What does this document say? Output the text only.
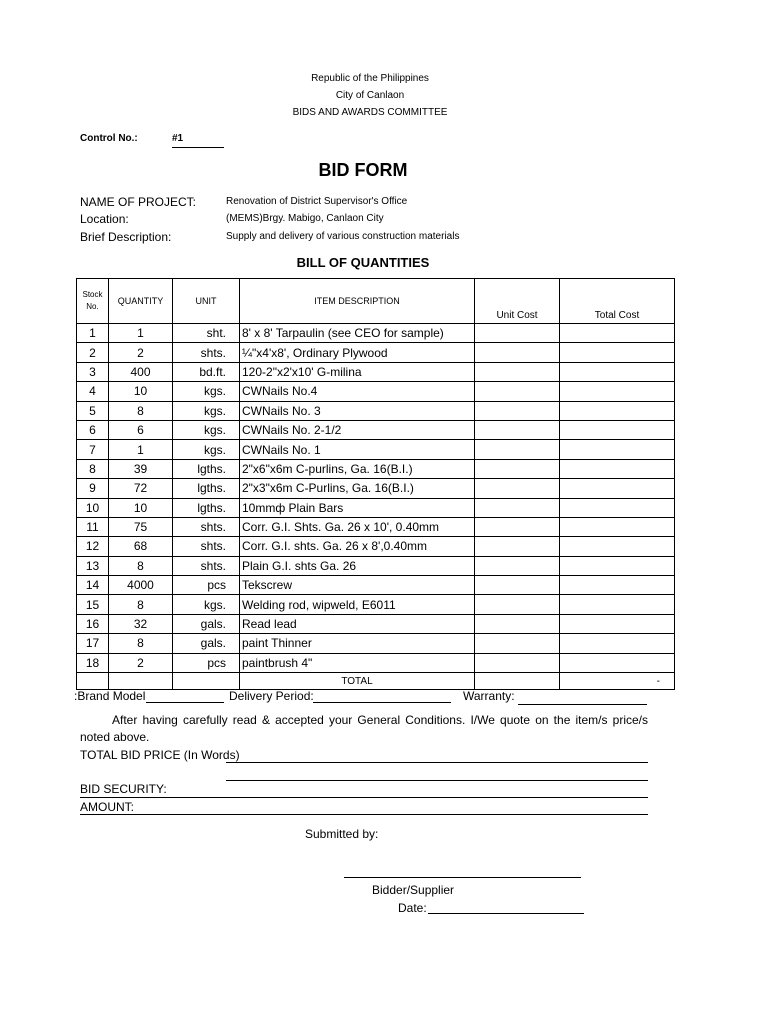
Republic of the Philippines
City of Canlaon
BIDS AND AWARDS COMMITTEE
Control No.:	#1
BID FORM
NAME OF PROJECT:	Renovation of District Supervisor's Office
Location:	(MEMS)Brgy. Mabigo, Canlaon City
Brief Description:	Supply and delivery of various construction materials
BILL OF QUANTITIES
Stock No.	QUANTITY	UNIT	ITEM DESCRIPTION	Unit Cost	Total Cost
1	1	sht.	8' x 8' Tarpaulin (see CEO for sample)		
2	2	shts.	¼"x4'x8', Ordinary Plywood		
3	400	bd.ft.	120-2"x2'x10' G-milina		
4	10	kgs.	CWNails No.4		
5	8	kgs.	CWNails No. 3		
6	6	kgs.	CWNails No. 2-1/2		
7	1	kgs.	CWNails No. 1		
8	39	lgths.	2"x6"x6m C-purlins, Ga. 16(B.I.)		
9	72	lgths.	2"x3"x6m C-Purlins, Ga. 16(B.I.)		
10	10	lgths.	10mmф Plain Bars		
11	75	shts.	Corr. G.I. Shts. Ga. 26 x 10', 0.40mm		
12	68	shts.	Corr. G.I. shts. Ga. 26 x 8',0.40mm		
13	8	shts.	Plain G.I. shts Ga. 26		
14	4000	pcs	Tekscrew		
15	8	kgs.	Welding rod, wipweld, E6011		
16	32	gals.	Read lead		
17	8	gals.	paint Thinner		
18	2	pcs	paintbrush 4"		
			TOTAL		-
Brand Model:	Delivery Period:	Warranty:
After having carefully read & accepted your General Conditions. I/We quote on the item/s price/s
noted above.
TOTAL BID PRICE (In Words)
BID SECURITY:
AMOUNT:
Submitted by:
Bidder/Supplier
Date:
